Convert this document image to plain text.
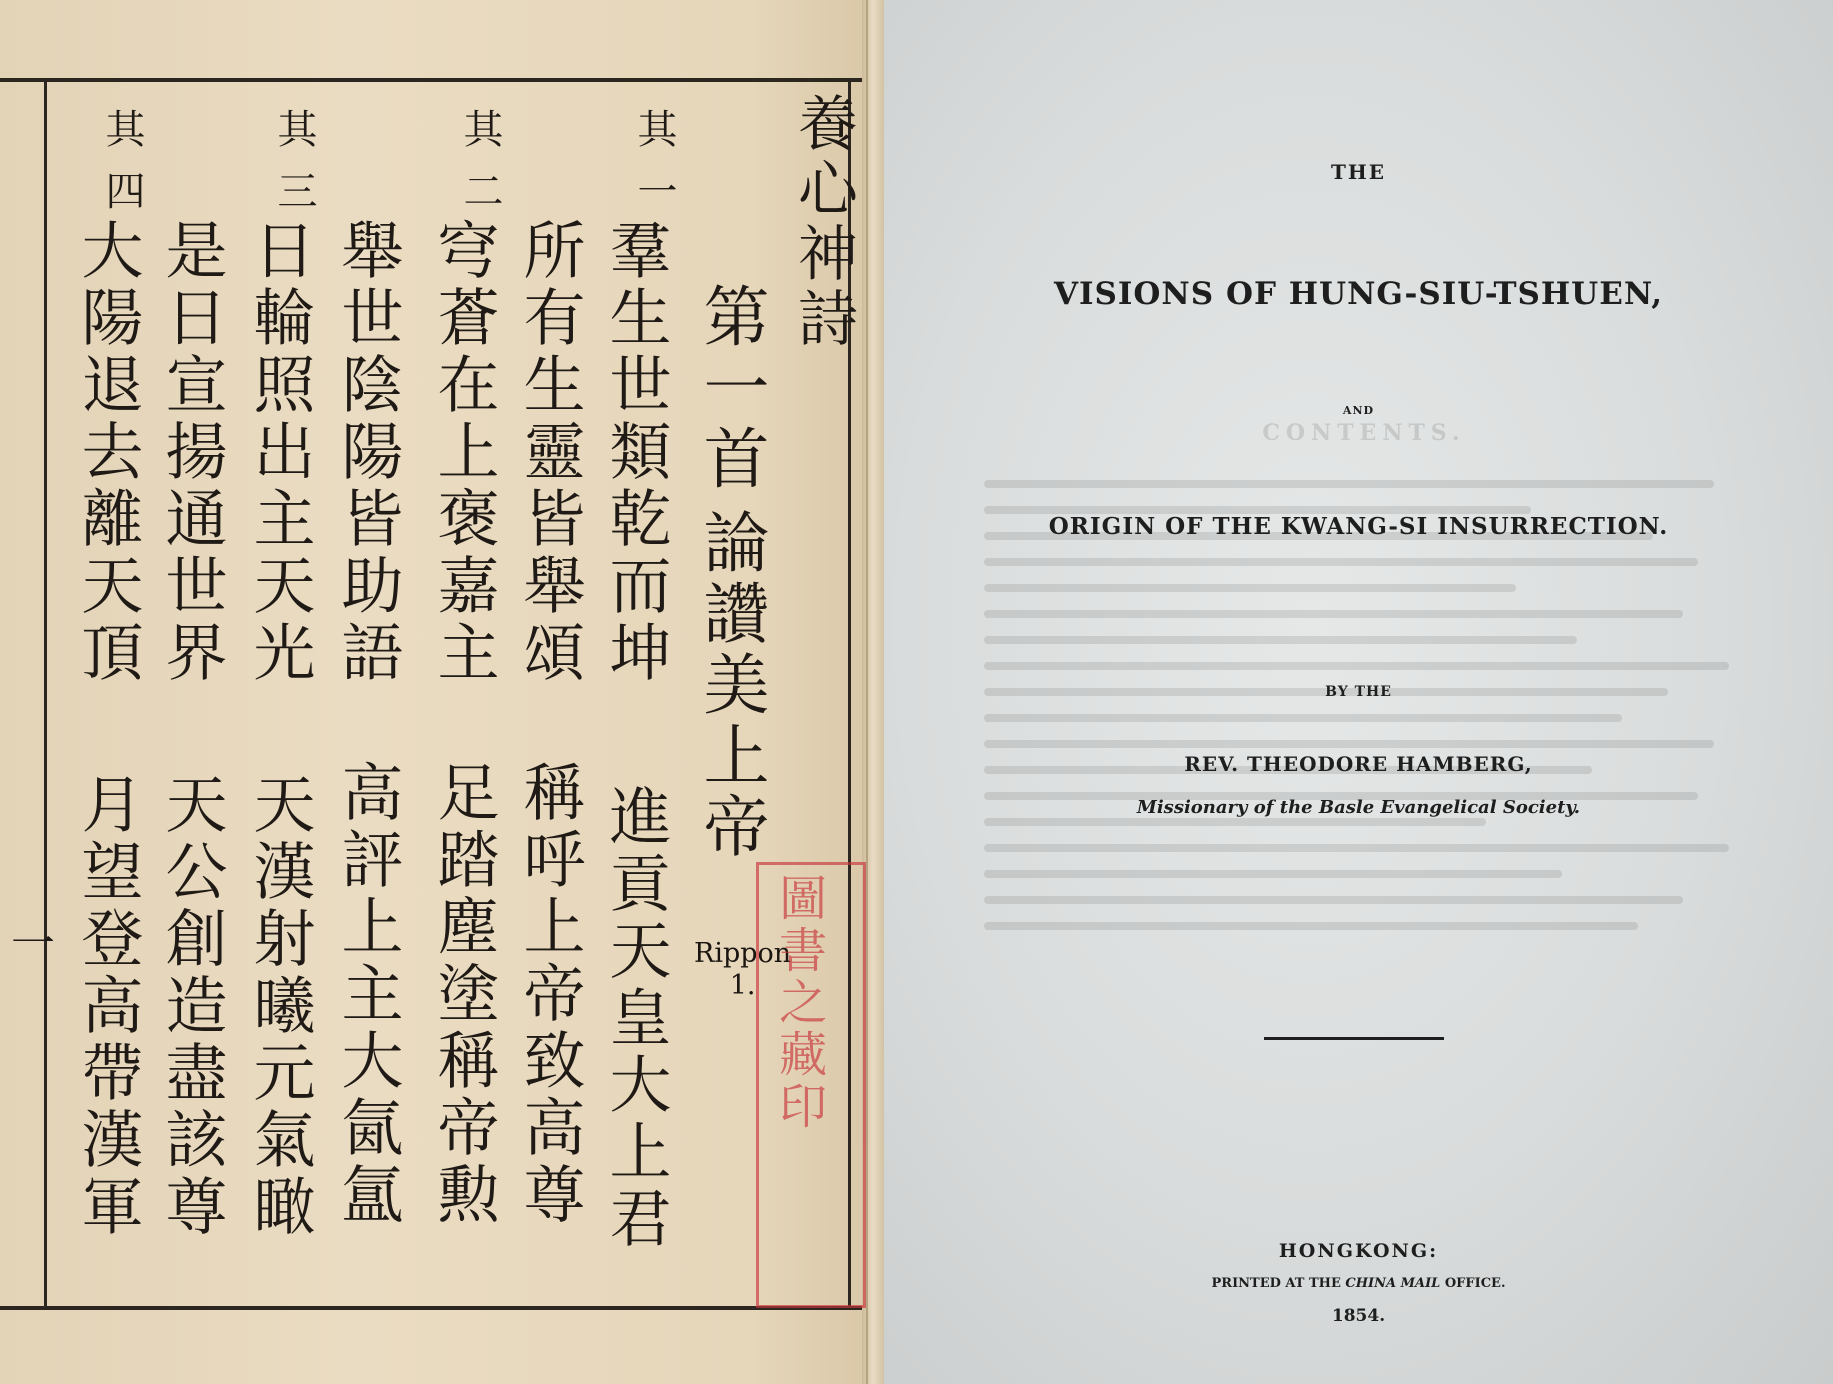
養心神詩
第一首
論讚美上帝
其一
其二
其三
其四
羣生世類乾而坤
所有生靈皆舉頌
穹蒼在上褒嘉主
舉世陰陽皆助語
日輪照出主天光
是日宣揚通世界
大陽退去離天頂
進貢天皇大上君
稱呼上帝致高尊
足踏塵塗稱帝勲
高評上主大氤氲
天漢射曦元氣瞰
天公創造盡該尊
月望登高帶漢軍
一	Rippon
1. 圖書之藏印
CONTENTS.
THE
VISIONS OF HUNG-SIU-TSHUEN,
AND
ORIGIN OF THE KWANG-SI INSURRECTION.
BY THE
REV. THEODORE HAMBERG,
Missionary of the Basle Evangelical Society.
HONGKONG:
PRINTED AT THE CHINA MAIL OFFICE.
1854.
